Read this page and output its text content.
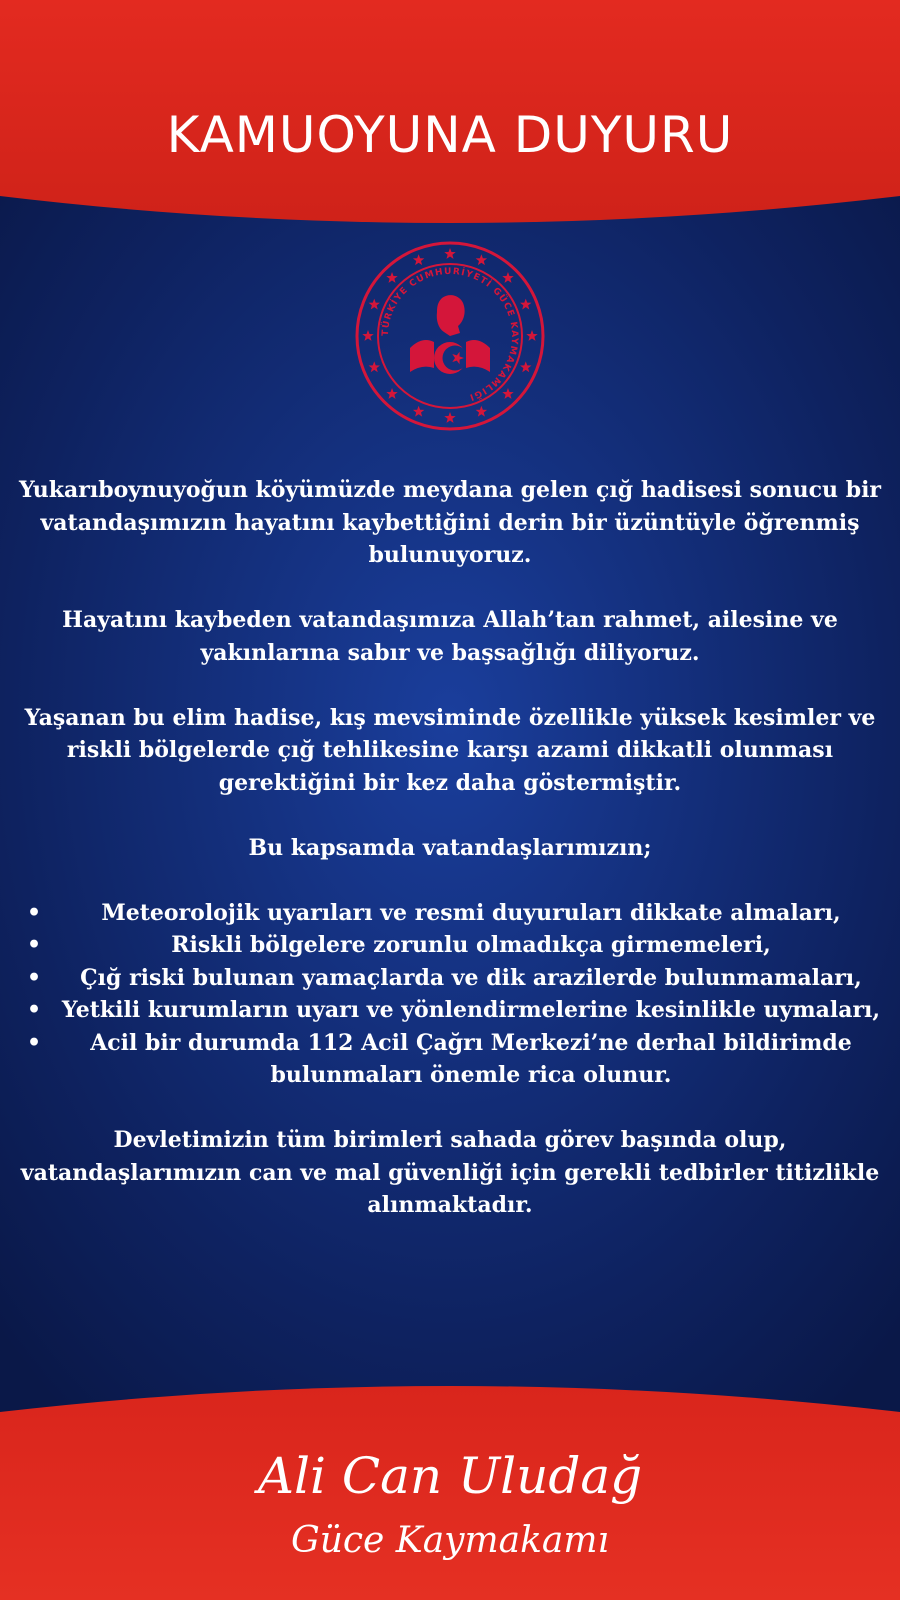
KAMUOYUNA DUYURU
TÜRKİYE CUMHURİYETİ GÜCE KAYMAKAMLIĞI

Yukarıboynuyoğun köyümüzde meydana gelen çığ hadisesi sonucu bir vatandaşımızın hayatını kaybettiğini derin bir üzüntüyle öğrenmiş bulunuyoruz.

Hayatını kaybeden vatandaşımıza Allah’tan rahmet, ailesine ve yakınlarına sabır ve başsağlığı diliyoruz.

Yaşanan bu elim hadise, kış mevsiminde özellikle yüksek kesimler ve riskli bölgelerde çığ tehlikesine karşı azami dikkatli olunması gerektiğini bir kez daha göstermiştir.

Bu kapsamda vatandaşlarımızın;

•	Meteorolojik uyarıları ve resmi duyuruları dikkate almaları,
•	Riskli bölgelere zorunlu olmadıkça girmemeleri,
• Çığ riski bulunan yamaçlarda ve dik arazilerde bulunmamaları,
• Yetkili kurumların uyarı ve yönlendirmelerine kesinlikle uymaları,
• Acil bir durumda 112 Acil Çağrı Merkezi’ne derhal bildirimde bulunmaları önemle rica olunur.

Devletimizin tüm birimleri sahada görev başında olup, vatandaşlarımızın can ve mal güvenliği için gerekli tedbirler titizlikle alınmaktadır.

Ali Can Uludağ
Güce Kaymakamı
